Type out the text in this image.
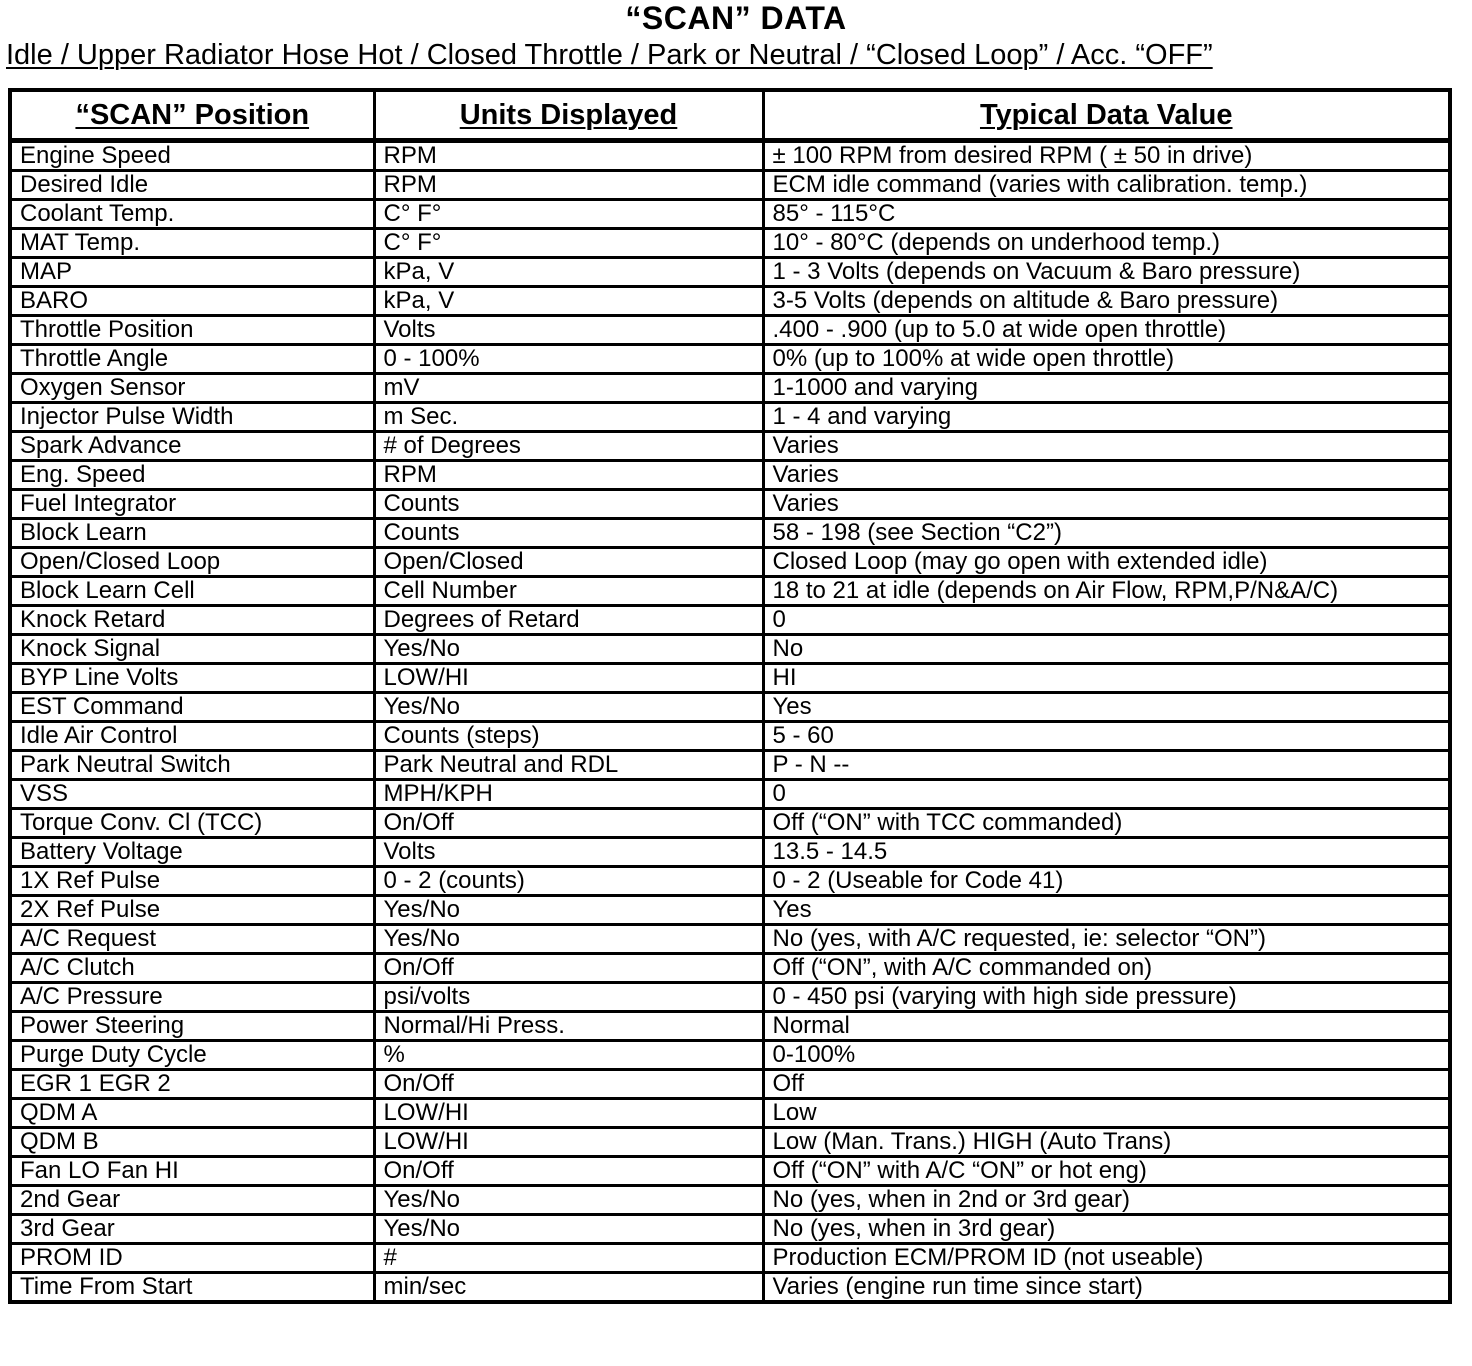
“SCAN” DATA
Idle / Upper Radiator Hose Hot / Closed Throttle / Park or Neutral / “Closed Loop” / Acc. “OFF”
“SCAN” Position	Units Displayed	Typical Data Value
Engine Speed	RPM	± 100 RPM from desired RPM ( ± 50 in drive)
Desired Idle	RPM	ECM idle command (varies with calibration. temp.)
Coolant Temp.	C° F°	85° - 115°C
MAT Temp.	C° F°	10° - 80°C (depends on underhood temp.)
MAP	kPa, V	1 - 3 Volts (depends on Vacuum & Baro pressure)
BARO	kPa, V	3-5 Volts (depends on altitude & Baro pressure)
Throttle Position	Volts	.400 - .900 (up to 5.0 at wide open throttle)
Throttle Angle	0 - 100%	0% (up to 100% at wide open throttle)
Oxygen Sensor	mV	1-1000 and varying
Injector Pulse Width	m Sec.	1 - 4 and varying
Spark Advance	# of Degrees	Varies
Eng. Speed	RPM	Varies
Fuel Integrator	Counts	Varies
Block Learn	Counts	58 - 198 (see Section “C2”)
Open/Closed Loop	Open/Closed	Closed Loop (may go open with extended idle)
Block Learn Cell	Cell Number	18 to 21 at idle (depends on Air Flow, RPM,P/N&A/C)
Knock Retard	Degrees of Retard	0
Knock Signal	Yes/No	No
BYP Line Volts	LOW/HI	HI
EST Command	Yes/No	Yes
Idle Air Control	Counts (steps)	5 - 60
Park Neutral Switch	Park Neutral and RDL	P - N --
VSS	MPH/KPH	0
Torque Conv. Cl (TCC)	On/Off	Off (“ON” with TCC commanded)
Battery Voltage	Volts	13.5 - 14.5
1X Ref Pulse	0 - 2 (counts)	0 - 2 (Useable for Code 41)
2X Ref Pulse	Yes/No	Yes
A/C Request	Yes/No	No (yes, with A/C requested, ie: selector “ON”)
A/C Clutch	On/Off	Off (“ON”, with A/C commanded on)
A/C Pressure	psi/volts	0 - 450 psi (varying with high side pressure)
Power Steering	Normal/Hi Press.	Normal
Purge Duty Cycle	%	0-100%
EGR 1 EGR 2	On/Off	Off
QDM A	LOW/HI	Low
QDM B	LOW/HI	Low (Man. Trans.) HIGH (Auto Trans)
Fan LO Fan HI	On/Off	Off (“ON” with A/C “ON” or hot eng)
2nd Gear	Yes/No	No (yes, when in 2nd or 3rd gear)
3rd Gear	Yes/No	No (yes, when in 3rd gear)
PROM ID	#	Production ECM/PROM ID (not useable)
Time From Start	min/sec	Varies (engine run time since start)
